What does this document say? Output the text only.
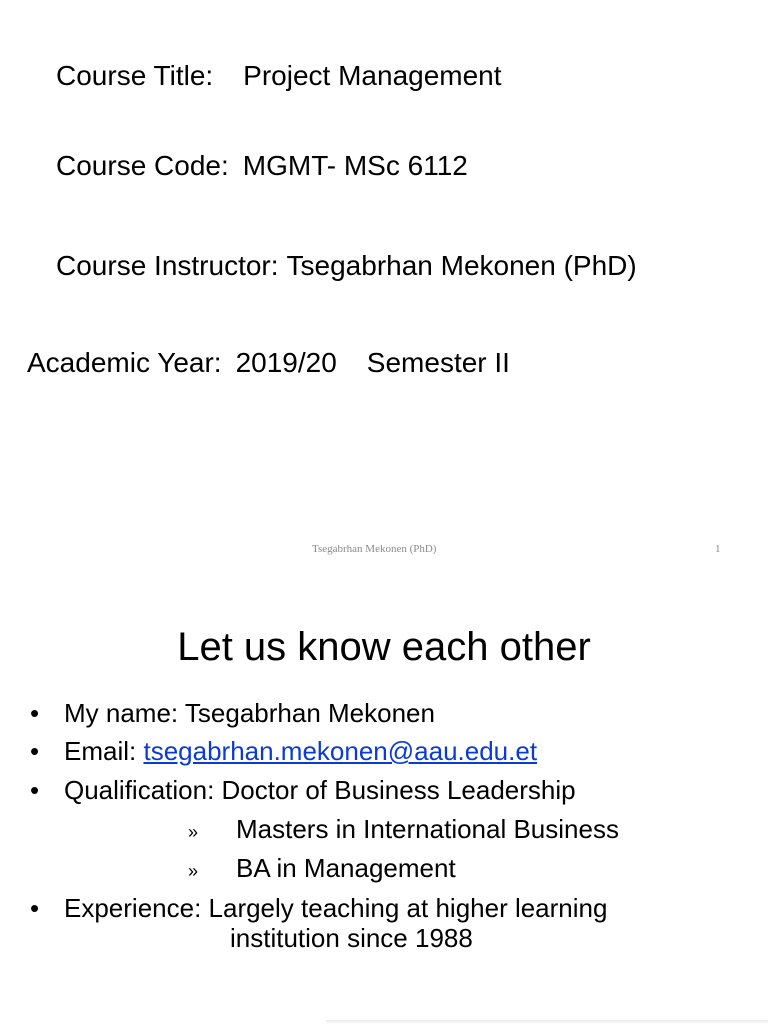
Course Title: Project Management
Course Code: MGMT- MSc 6112
Course Instructor: Tsegabrhan Mekonen (PhD)
Academic Year: 2019/20 Semester II
Tsegabrhan Mekonen (PhD)	1
Let us know each other
• My name: Tsegabrhan Mekonen
• Email: tsegabrhan.mekonen@aau.edu.et
• Qualification: Doctor of Business Leadership
» Masters in International Business
» BA in Management
• Experience: Largely teaching at higher learning
institution since 1988
